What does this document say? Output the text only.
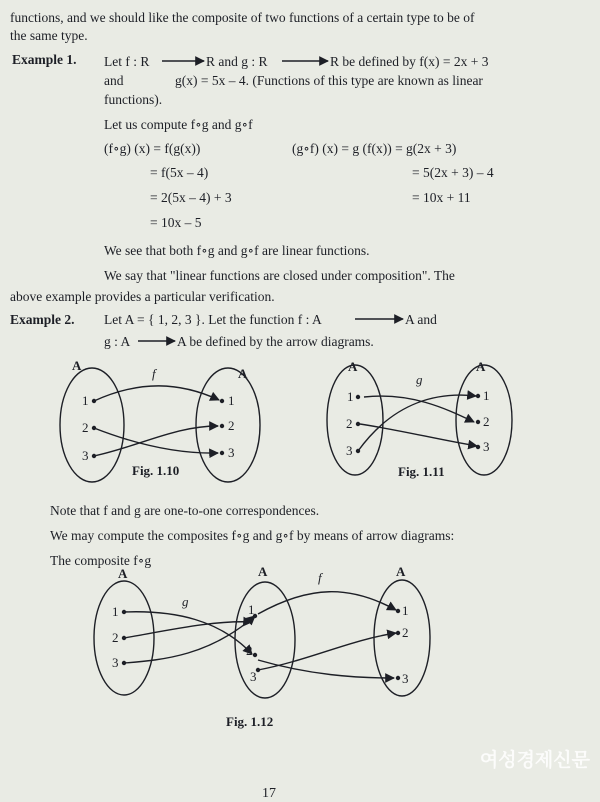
functions, and we should like the composite of two functions of a certain type to be of
the same type.
Example 1. Let f : R	R and g : R	R be defined by f(x) = 2x + 3
and	g(x) = 5x – 4. (Functions of this type are known as linear
functions).
Let us compute f∘g and g∘f
(f∘g) (x) = f(g(x))
= f(5x – 4)
= 2(5x – 4) + 3
= 10x – 5
(g∘f) (x) = g (f(x)) = g(2x + 3)
= 5(2x + 3) – 4
= 10x + 11
We see that both f∘g and g∘f are linear functions.
We say that "linear functions are closed under composition". The
above example provides a particular verification.
Example 2. Let A = { 1, 2, 3 }. Let the function f : A	A and
g : A	A be defined by the arrow diagrams.
Note that f and g are one-to-one correspondences.
We may compute the composites f∘g and g∘f by means of arrow diagrams:
The composite f∘g
A
A
f
1
2
3
1
2
3
Fig. 1.10
A	A
g
1
2
3
1
2
3
Fig. 1.11
A	A	A
g
f
1
2
3
1
2
3
1
2
3
Fig. 1.12
17
여성경제신문
